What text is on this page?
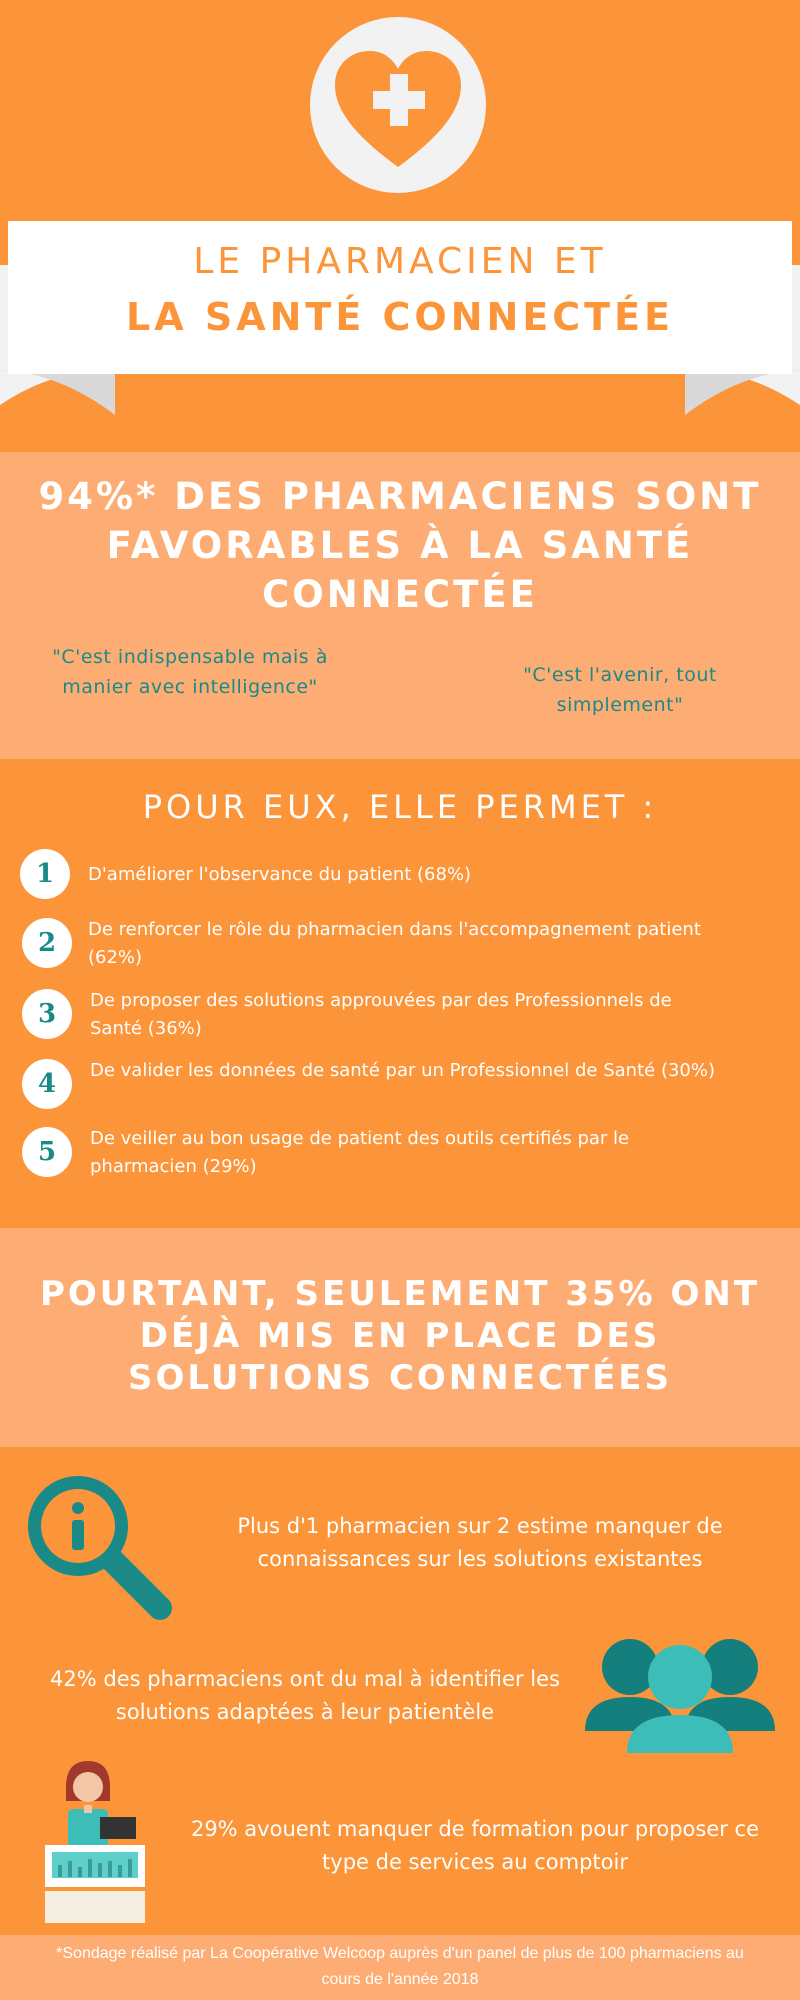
LE PHARMACIEN ET
LA SANTÉ CONNECTÉE
94%* DES PHARMACIENS SONT FAVORABLES À LA SANTÉ CONNECTÉE
"C'est indispensable mais à manier avec intelligence"
"C'est l'avenir, tout simplement"
POUR EUX, ELLE PERMET :
1	D'améliorer l'observance du patient (68%)
2	De renforcer le rôle du pharmacien dans l'accompagnement patient (62%)
3	De proposer des solutions approuvées par des Professionnels de Santé (36%)
4	De valider les données de santé par un Professionnel de Santé (30%)
5	De veiller au bon usage de patient des outils certifiés par le pharmacien (29%)
POURTANT, SEULEMENT 35% ONT DÉJÀ MIS EN PLACE DES SOLUTIONS CONNECTÉES
Plus d'1 pharmacien sur 2 estime manquer de connaissances sur les solutions existantes
42% des pharmaciens ont du mal à identifier les solutions adaptées à leur patientèle
29% avouent manquer de formation pour proposer ce type de services au comptoir

*Sondage réalisé par La Coopérative Welcoop auprès d'un panel de plus de 100 pharmaciens au cours de l'année 2018
